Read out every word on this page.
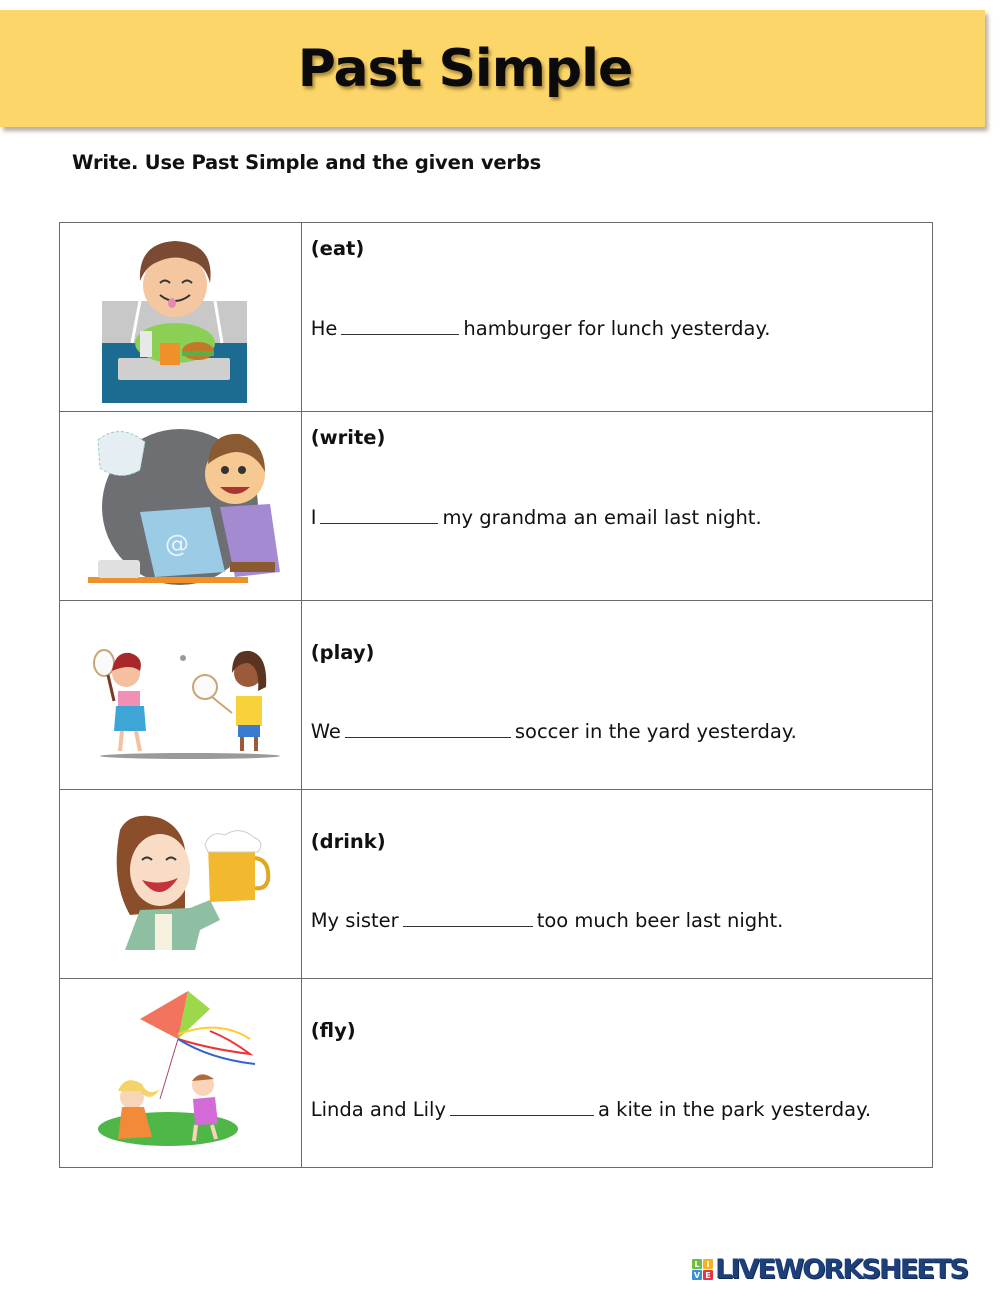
Past Simple
Write. Use Past Simple and the given verbs

(eat)
He hamburger for lunch yesterday.

@	(write)
I my grandma an email last night.

(play)
We soccer in the yard yesterday.

(drink)
My sister too much beer last night.

(fly)
Linda and Lily a kite in the park yesterday.
L I
V E LIVEWORKSHEETS
